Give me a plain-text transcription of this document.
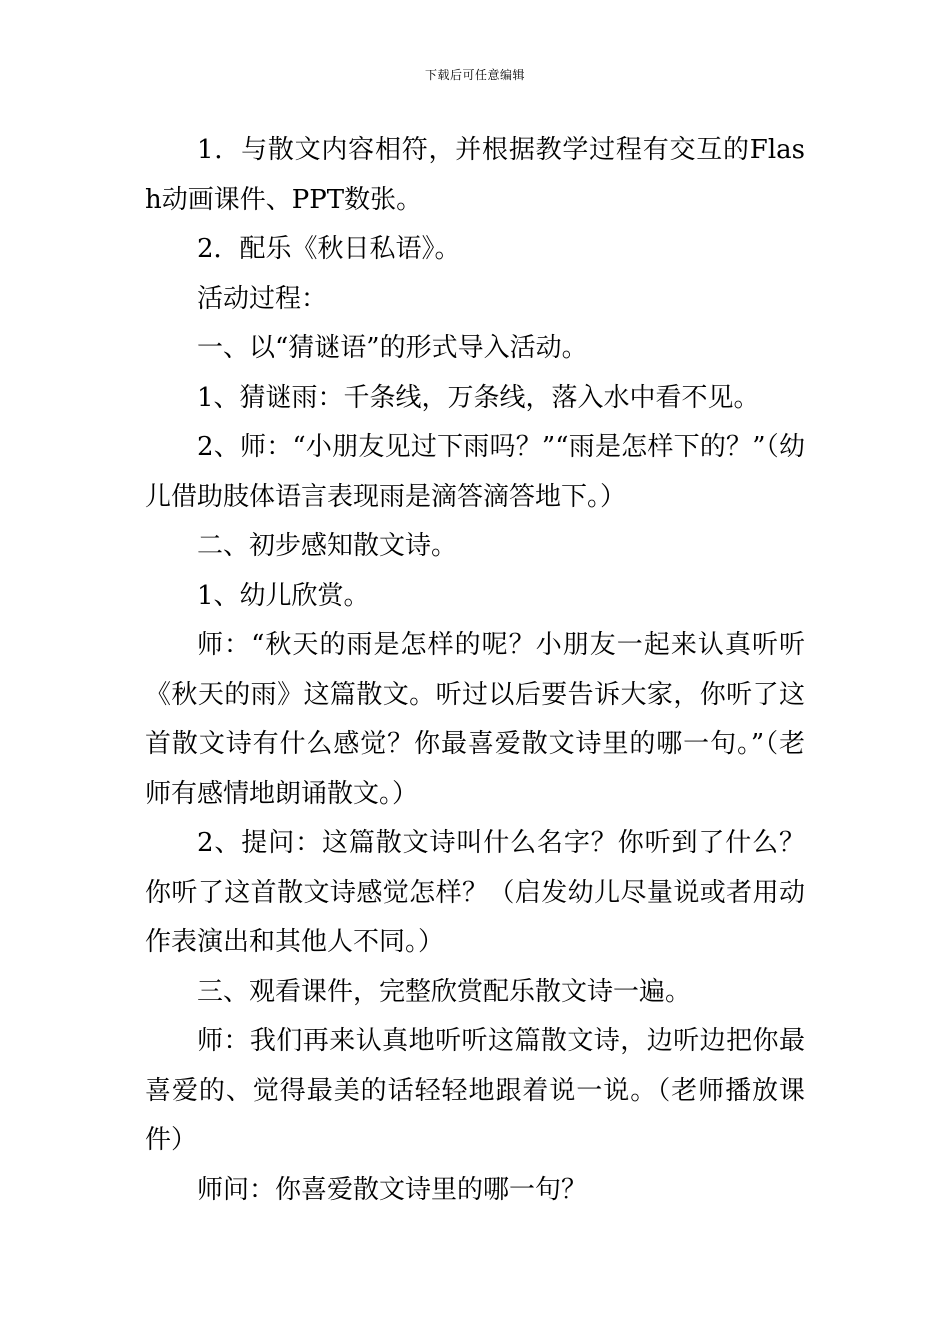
下载后可任意编辑

1．与散文内容相符，并根据教学过程有交互的Flash动画课件、PPT数张。

2．配乐《秋日私语》。

活动过程：

一、以“猜谜语”的形式导入活动。

1、猜谜雨：千条线，万条线，落入水中看不见。

2、师：“小朋友见过下雨吗？”“雨是怎样下的？”（幼儿借助肢体语言表现雨是滴答滴答地下。）

二、初步感知散文诗。

1、幼儿欣赏。

师：“秋天的雨是怎样的呢？小朋友一起来认真听听《秋天的雨》这篇散文。听过以后要告诉大家，你听了这首散文诗有什么感觉？你最喜爱散文诗里的哪一句。”（老师有感情地朗诵散文。）

2、提问：这篇散文诗叫什么名字？你听到了什么？你听了这首散文诗感觉怎样？（启发幼儿尽量说或者用动作表演出和其他人不同。）

三、观看课件，完整欣赏配乐散文诗一遍。

师：我们再来认真地听听这篇散文诗，边听边把你最喜爱的、觉得最美的话轻轻地跟着说一说。（老师播放课件）

师问：你喜爱散文诗里的哪一句？
